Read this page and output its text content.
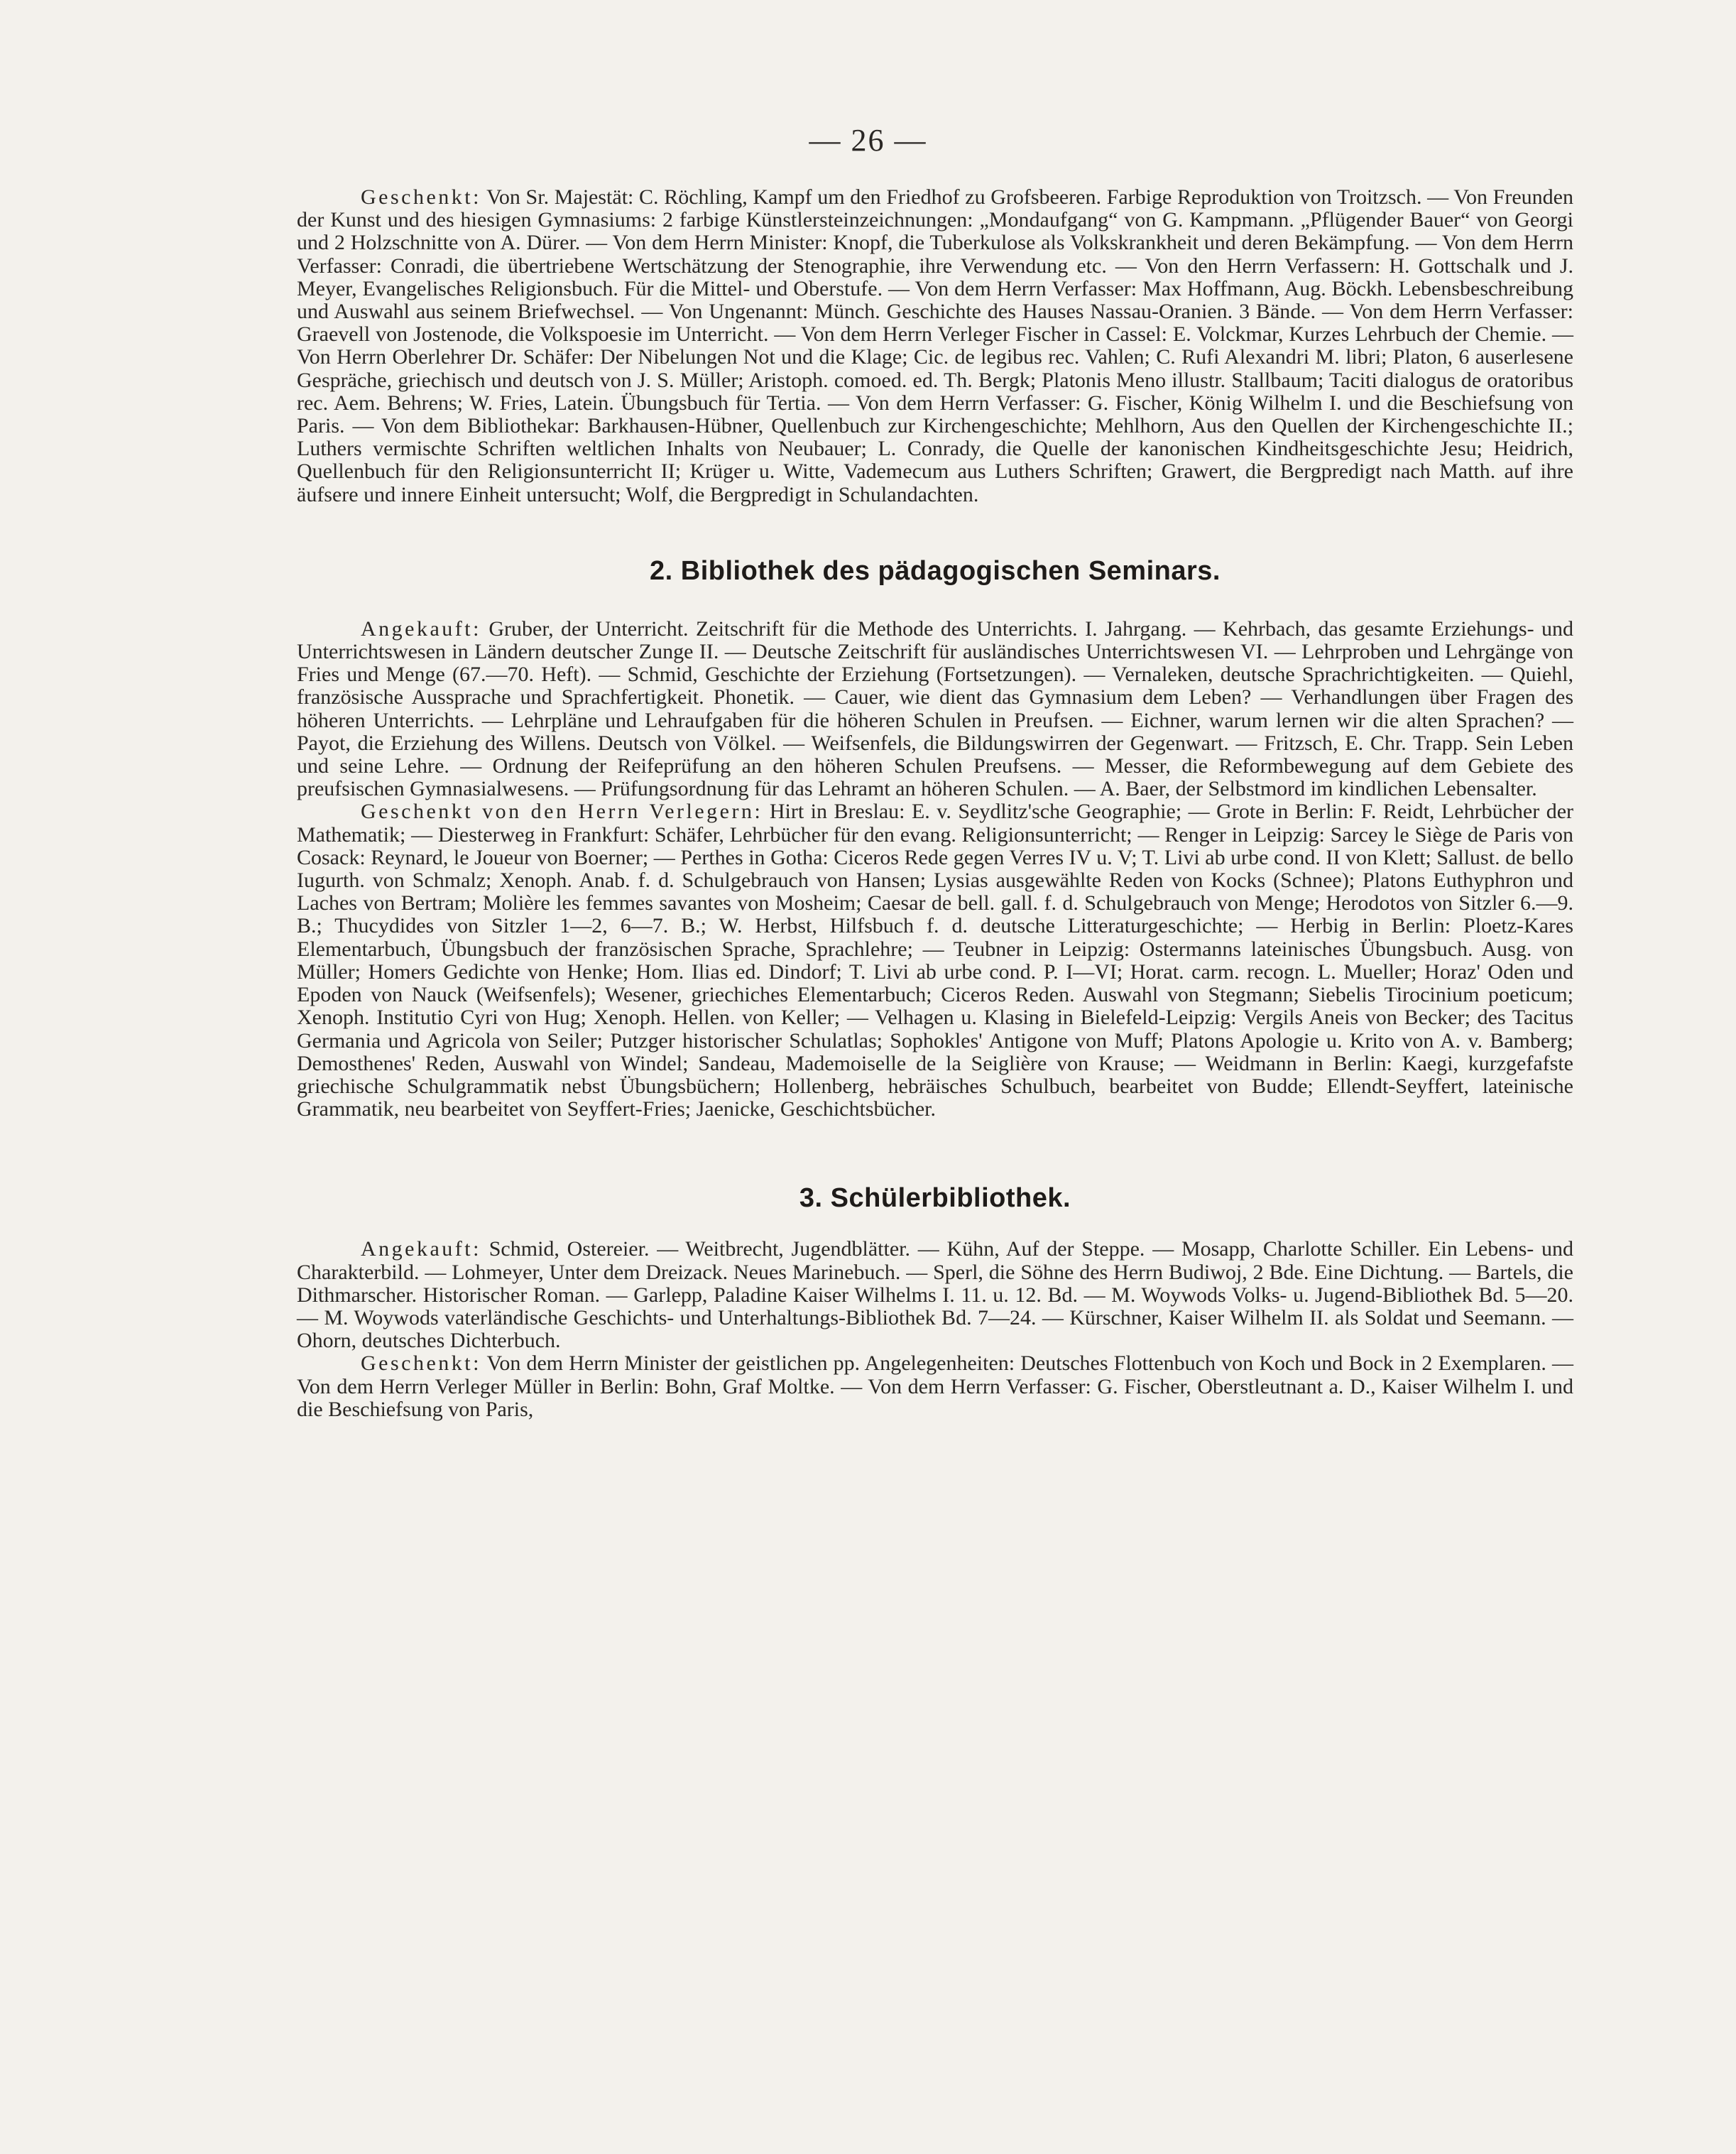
— 26 —

   Geschenkt: Von Sr. Majestät: C. Röchling, Kampf um den Friedhof zu Grofsbeeren. Farbige Reproduktion von Troitzsch. — Von Freunden der Kunst und des hiesigen Gymnasiums: 2 farbige Künstlersteinzeichnungen: „Mondaufgang“ von G. Kampmann. „Pflügender Bauer“ von Georgi und 2 Holzschnitte von A. Dürer. — Von dem Herrn Minister: Knopf, die Tuberkulose als Volkskrankheit und deren Bekämpfung. — Von dem Herrn Verfasser: Conradi, die übertriebene Wertschätzung der Stenographie, ihre Verwendung etc. — Von den Herrn Verfassern: H. Gottschalk und J. Meyer, Evangelisches Religionsbuch. Für die Mittel- und Oberstufe. — Von dem Herrn Verfasser: Max Hoffmann, Aug. Böckh. Lebensbeschreibung und Auswahl aus seinem Briefwechsel. — Von Ungenannt: Münch. Geschichte des Hauses Nassau-Oranien. 3 Bände. — Von dem Herrn Verfasser: Graevell von Jostenode, die Volkspoesie im Unterricht. — Von dem Herrn Verleger Fischer in Cassel: E. Volckmar, Kurzes Lehrbuch der Chemie. — Von Herrn Oberlehrer Dr. Schäfer: Der Nibelungen Not und die Klage; Cic. de legibus rec. Vahlen; C. Rufi Alexandri M. libri; Platon, 6 auserlesene Gespräche, griechisch und deutsch von J. S. Müller; Aristoph. comoed. ed. Th. Bergk; Platonis Meno illustr. Stallbaum; Taciti dialogus de oratoribus rec. Aem. Behrens; W. Fries, Latein. Übungsbuch für Tertia. — Von dem Herrn Verfasser: G. Fischer, König Wilhelm I. und die Beschiefsung von Paris. — Von dem Bibliothekar: Barkhausen-Hübner, Quellenbuch zur Kirchengeschichte; Mehlhorn, Aus den Quellen der Kirchengeschichte II.; Luthers vermischte Schriften weltlichen Inhalts von Neubauer; L. Conrady, die Quelle der kanonischen Kindheitsgeschichte Jesu; Heidrich, Quellenbuch für den Religionsunterricht II; Krüger u. Witte, Vademecum aus Luthers Schriften; Grawert, die Bergpredigt nach Matth. auf ihre äufsere und innere Einheit untersucht; Wolf, die Bergpredigt in Schulandachten.

2. Bibliothek des pädagogischen Seminars.

   Angekauft: Gruber, der Unterricht. Zeitschrift für die Methode des Unterrichts. I. Jahrgang. — Kehrbach, das gesamte Erziehungs- und Unterrichtswesen in Ländern deutscher Zunge II. — Deutsche Zeitschrift für ausländisches Unterrichtswesen VI. — Lehrproben und Lehrgänge von Fries und Menge (67.—70. Heft). — Schmid, Geschichte der Erziehung (Fortsetzungen). — Vernaleken, deutsche Sprachrichtigkeiten. — Quiehl, französische Aussprache und Sprachfertigkeit. Phonetik. — Cauer, wie dient das Gymnasium dem Leben? — Verhandlungen über Fragen des höheren Unterrichts. — Lehrpläne und Lehraufgaben für die höheren Schulen in Preufsen. — Eichner, warum lernen wir die alten Sprachen? — Payot, die Erziehung des Willens. Deutsch von Völkel. — Weifsenfels, die Bildungswirren der Gegenwart. — Fritzsch, E. Chr. Trapp. Sein Leben und seine Lehre. — Ordnung der Reifeprüfung an den höheren Schulen Preufsens. — Messer, die Reformbewegung auf dem Gebiete des preufsischen Gymnasialwesens. — Prüfungsordnung für das Lehramt an höheren Schulen. — A. Baer, der Selbstmord im kindlichen Lebensalter.

   Geschenkt von den Herrn Verlegern: Hirt in Breslau: E. v. Seydlitz'sche Geographie; — Grote in Berlin: F. Reidt, Lehrbücher der Mathematik; — Diesterweg in Frankfurt: Schäfer, Lehrbücher für den evang. Religionsunterricht; — Renger in Leipzig: Sarcey le Siège de Paris von Cosack: Reynard, le Joueur von Boerner; — Perthes in Gotha: Ciceros Rede gegen Verres IV u. V; T. Livi ab urbe cond. II von Klett; Sallust. de bello Iugurth. von Schmalz; Xenoph. Anab. f. d. Schulgebrauch von Hansen; Lysias ausgewählte Reden von Kocks (Schnee); Platons Euthyphron und Laches von Bertram; Molière les femmes savantes von Mosheim; Caesar de bell. gall. f. d. Schulgebrauch von Menge; Herodotos von Sitzler 6.—9. B.; Thucydides von Sitzler 1—2, 6—7. B.; W. Herbst, Hilfsbuch f. d. deutsche Litteraturgeschichte; — Herbig in Berlin: Ploetz-Kares Elementarbuch, Übungsbuch der französischen Sprache, Sprachlehre; — Teubner in Leipzig: Ostermanns lateinisches Übungsbuch. Ausg. von Müller; Homers Gedichte von Henke; Hom. Ilias ed. Dindorf; T. Livi ab urbe cond. P. I—VI; Horat. carm. recogn. L. Mueller; Horaz' Oden und Epoden von Nauck (Weifsenfels); Wesener, griechiches Elementarbuch; Ciceros Reden. Auswahl von Stegmann; Siebelis Tirocinium poeticum; Xenoph. Institutio Cyri von Hug; Xenoph. Hellen. von Keller; — Velhagen u. Klasing in Bielefeld-Leipzig: Vergils Aneis von Becker; des Tacitus Germania und Agricola von Seiler; Putzger historischer Schulatlas; Sophokles' Antigone von Muff; Platons Apologie u. Krito von A. v. Bamberg; Demosthenes' Reden, Auswahl von Windel; Sandeau, Mademoiselle de la Seiglière von Krause; — Weidmann in Berlin: Kaegi, kurzgefafste griechische Schulgrammatik nebst Übungsbüchern; Hollenberg, hebräisches Schulbuch, bearbeitet von Budde; Ellendt-Seyffert, lateinische Grammatik, neu bearbeitet von Seyffert-Fries; Jaenicke, Geschichtsbücher.

3. Schülerbibliothek.

   Angekauft: Schmid, Ostereier. — Weitbrecht, Jugendblätter. — Kühn, Auf der Steppe. — Mosapp, Charlotte Schiller. Ein Lebens- und Charakterbild. — Lohmeyer, Unter dem Dreizack. Neues Marinebuch. — Sperl, die Söhne des Herrn Budiwoj, 2 Bde. Eine Dichtung. — Bartels, die Dithmarscher. Historischer Roman. — Garlepp, Paladine Kaiser Wilhelms I. 11. u. 12. Bd. — M. Woywods Volks- u. Jugend-Bibliothek Bd. 5—20. — M. Woywods vaterländische Geschichts- und Unterhaltungs-Bibliothek Bd. 7—24. — Kürschner, Kaiser Wilhelm II. als Soldat und Seemann. — Ohorn, deutsches Dichterbuch.

   Geschenkt: Von dem Herrn Minister der geistlichen pp. Angelegenheiten: Deutsches Flottenbuch von Koch und Bock in 2 Exemplaren. — Von dem Herrn Verleger Müller in Berlin: Bohn, Graf Moltke. — Von dem Herrn Verfasser: G. Fischer, Oberstleutnant a. D., Kaiser Wilhelm I. und die Beschiefsung von Paris,
